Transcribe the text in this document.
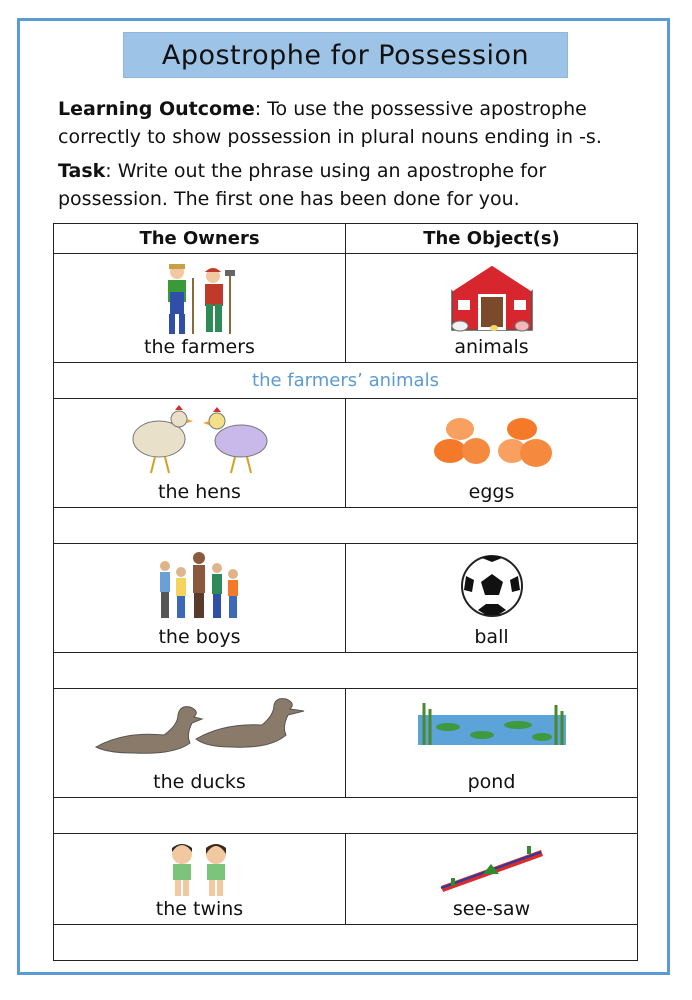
Apostrophe for Possession
Learning Outcome: To use the possessive apostrophe correctly to show possession in plural nouns ending in -s.
Task: Write out the phrase using an apostrophe for possession. The first one has been done for you.
The Owners	The Object(s)

the farmers	animals

the farmers’ animals	

the hens	eggs

the boys	ball

the ducks	pond

the twins	see-saw
